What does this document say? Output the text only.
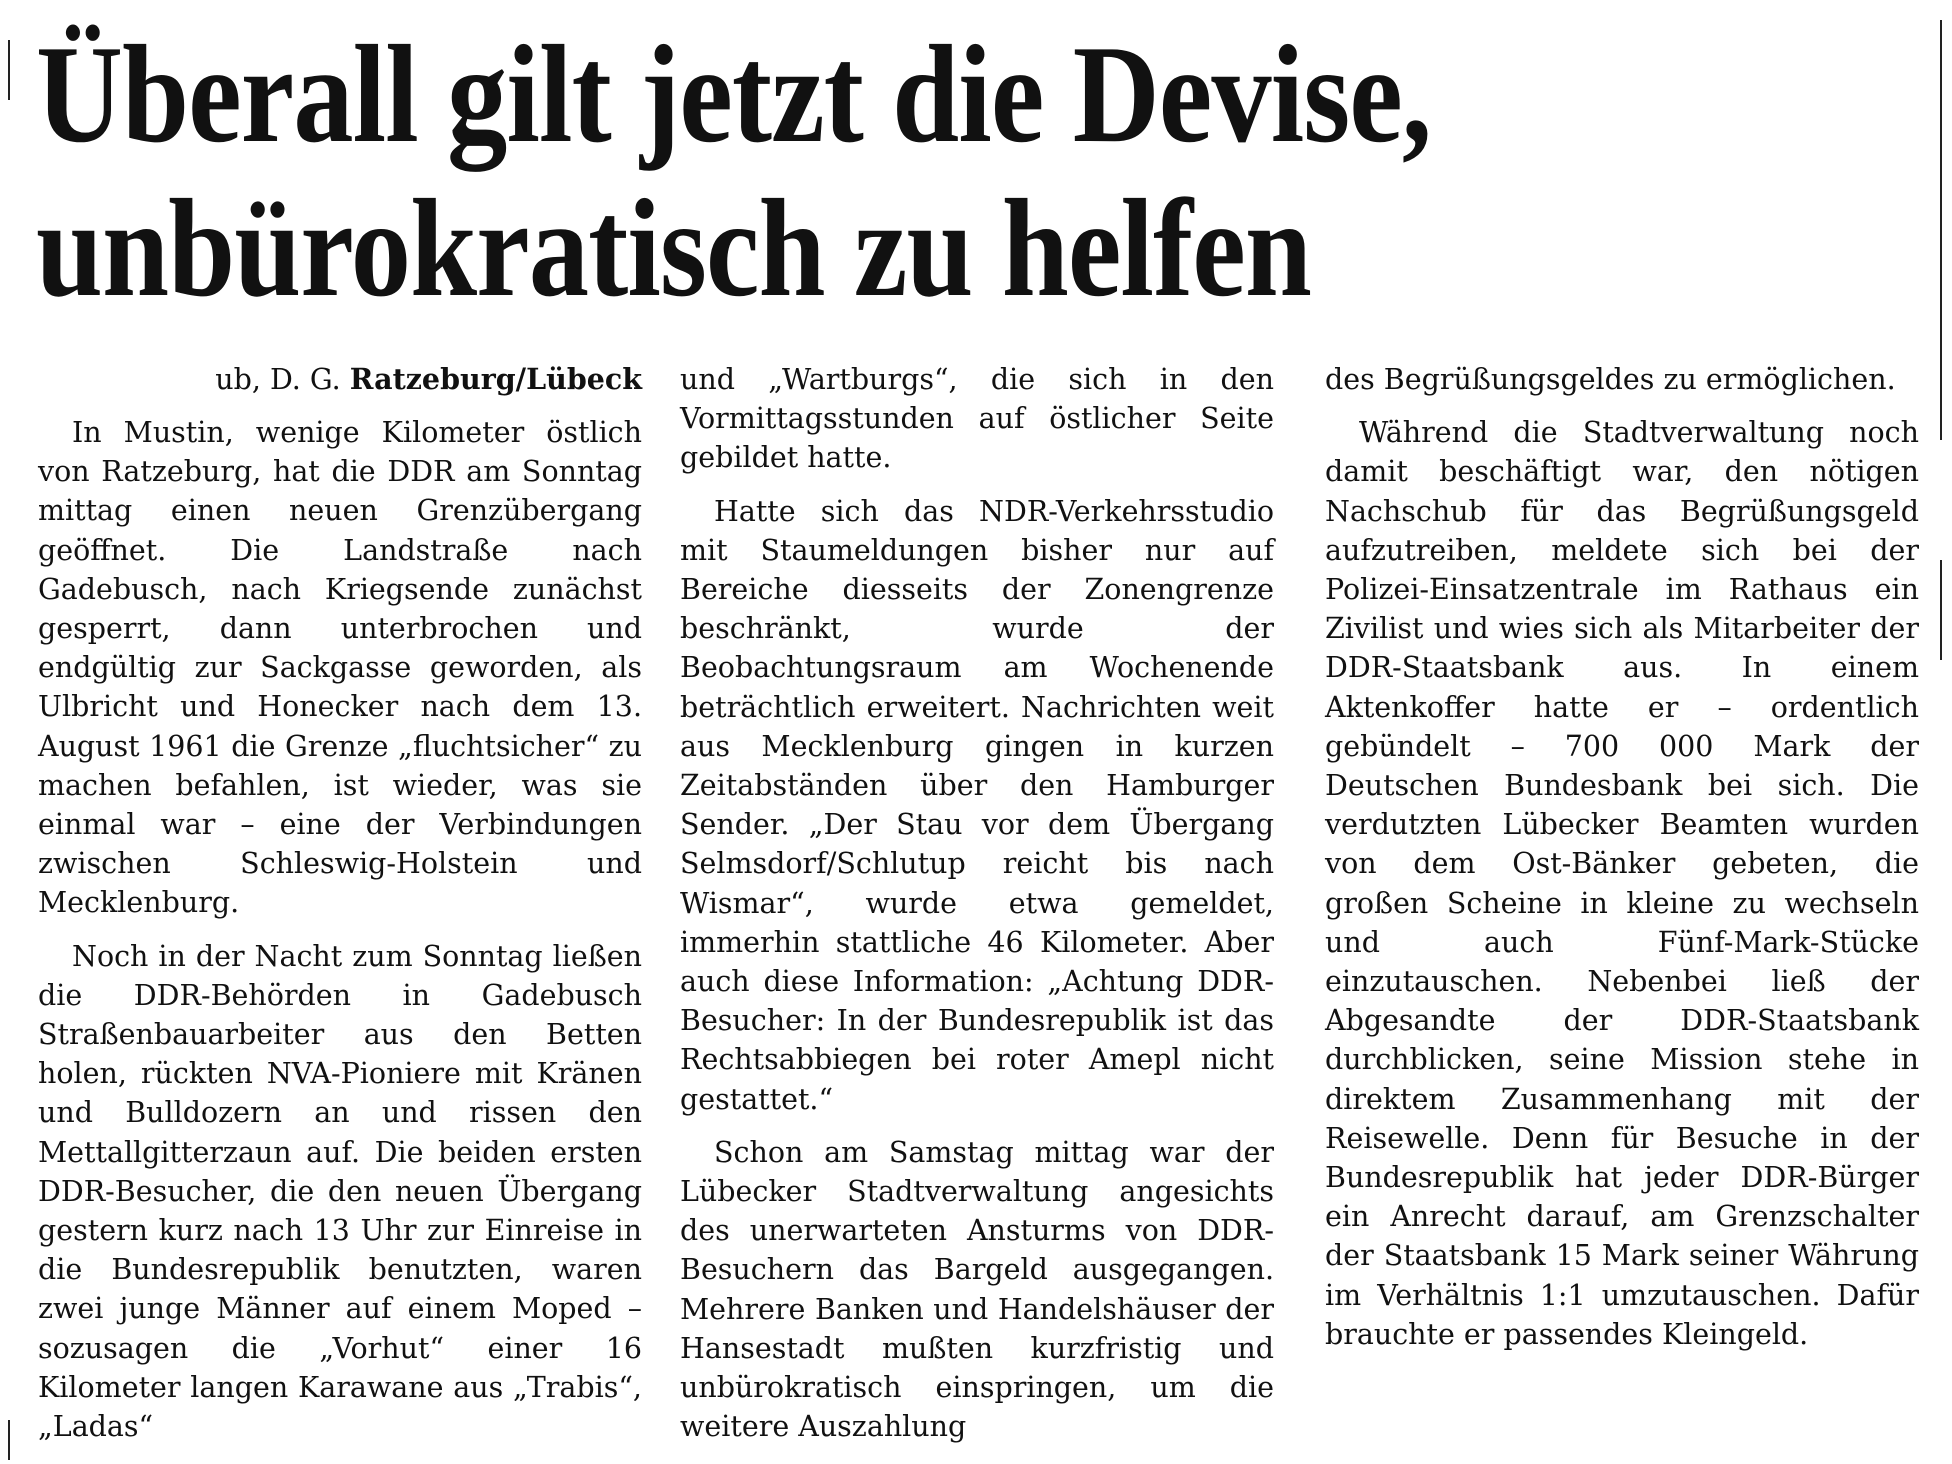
Überall gilt jetzt die Devise,
unbürokratisch zu helfen

ub, D. G. Ratzeburg/Lübeck

In Mustin, wenige Kilometer östlich von Ratzeburg, hat die DDR am Sonntag mittag einen neuen Grenzübergang geöffnet. Die Landstraße nach Gadebusch, nach Kriegsende zunächst gesperrt, dann unterbrochen und endgültig zur Sackgasse geworden, als Ulbricht und Honecker nach dem 13. August 1961 die Grenze „fluchtsicher“ zu machen befahlen, ist wieder, was sie einmal war – eine der Verbindungen zwischen Schleswig-Holstein und Mecklenburg.

Noch in der Nacht zum Sonntag ließen die DDR-Behörden in Gadebusch Straßenbauarbeiter aus den Betten holen, rückten NVA-Pioniere mit Kränen und Bulldozern an und rissen den Mettallgitterzaun auf. Die beiden ersten DDR-Besucher, die den neuen Übergang gestern kurz nach 13 Uhr zur Einreise in die Bundesrepublik benutzten, waren zwei junge Männer auf einem Moped – sozusagen die „Vorhut“ einer 16 Kilometer langen Karawane aus „Trabis“, „Ladas“

und „Wartburgs“, die sich in den Vormittagsstunden auf östlicher Seite gebildet hatte.

Hatte sich das NDR-Verkehrsstudio mit Staumeldungen bisher nur auf Bereiche diesseits der Zonengrenze beschränkt, wurde der Beobachtungsraum am Wochenende beträchtlich erweitert. Nachrichten weit aus Mecklenburg gingen in kurzen Zeitabständen über den Hamburger Sender. „Der Stau vor dem Übergang Selmsdorf/Schlutup reicht bis nach Wismar“, wurde etwa gemeldet, immerhin stattliche 46 Kilometer. Aber auch diese Information: „Achtung DDR-Besucher: In der Bundesrepublik ist das Rechtsabbiegen bei roter Amepl nicht gestattet.“

Schon am Samstag mittag war der Lübecker Stadtverwaltung angesichts des unerwarteten Ansturms von DDR-Besuchern das Bargeld ausgegangen. Mehrere Banken und Handelshäuser der Hansestadt mußten kurzfristig und unbürokratisch einspringen, um die weitere Auszahlung

des Begrüßungsgeldes zu ermöglichen.

Während die Stadtverwaltung noch damit beschäftigt war, den nötigen Nachschub für das Begrüßungsgeld aufzutreiben, meldete sich bei der Polizei-Einsatzentrale im Rathaus ein Zivilist und wies sich als Mitarbeiter der DDR-Staatsbank aus. In einem Aktenkoffer hatte er – ordentlich gebündelt – 700 000 Mark der Deutschen Bundesbank bei sich. Die verdutzten Lübecker Beamten wurden von dem Ost-Bänker gebeten, die großen Scheine in kleine zu wechseln und auch Fünf-Mark-Stücke einzutauschen. Nebenbei ließ der Abgesandte der DDR-Staatsbank durchblicken, seine Mission stehe in direktem Zusammenhang mit der Reisewelle. Denn für Besuche in der Bundesrepublik hat jeder DDR-Bürger ein Anrecht darauf, am Grenzschalter der Staatsbank 15 Mark seiner Währung im Verhältnis 1:1 umzutauschen. Dafür brauchte er passendes Kleingeld.
